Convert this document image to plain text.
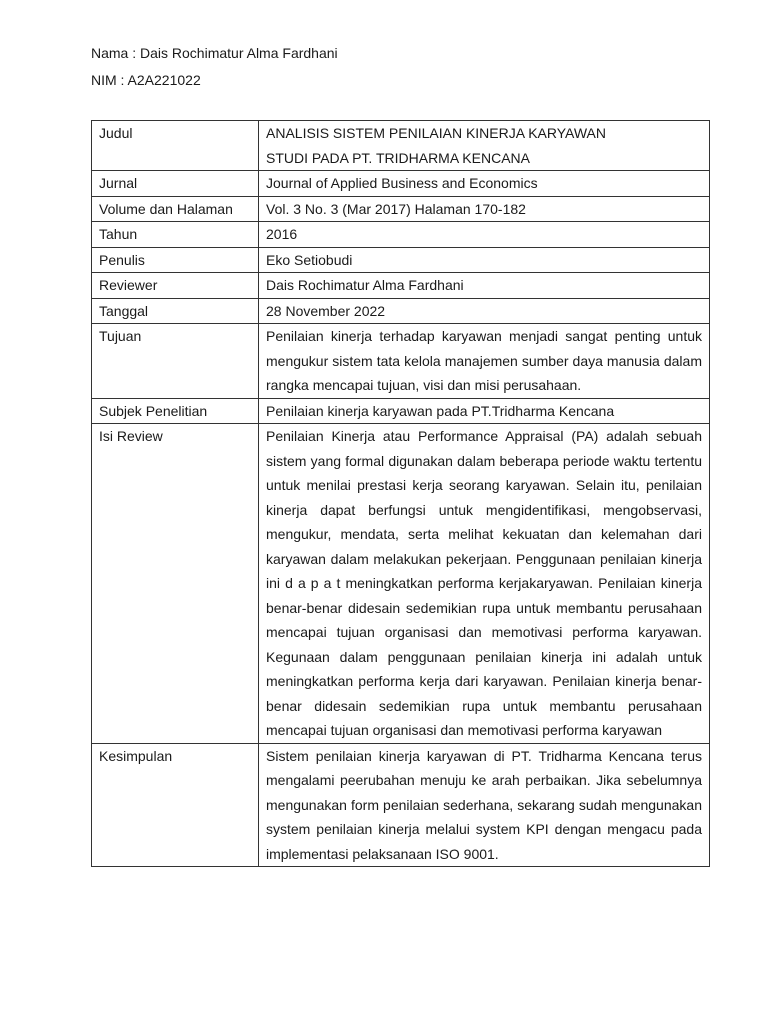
Nama : Dais Rochimatur Alma Fardhani
NIM : A2A221022
Judul	ANALISIS SISTEM PENILAIAN KINERJA KARYAWAN
STUDI PADA PT. TRIDHARMA KENCANA

Jurnal	Journal of Applied Business and Economics
Volume dan Halaman	Vol. 3 No. 3 (Mar 2017) Halaman 170-182
Tahun	2016
Penulis	Eko Setiobudi
Reviewer	Dais Rochimatur Alma Fardhani
Tanggal	28 November 2022
Tujuan	Penilaian kinerja terhadap karyawan menjadi sangat penting untuk mengukur sistem tata kelola manajemen sumber daya manusia dalam rangka mencapai tujuan, visi dan misi perusahaan.
Subjek Penelitian	Penilaian kinerja karyawan pada PT.Tridharma Kencana
Isi Review	Penilaian Kinerja atau Performance Appraisal (PA) adalah sebuah sistem yang formal digunakan dalam beberapa periode waktu tertentu untuk menilai prestasi kerja seorang karyawan. Selain itu, penilaian kinerja dapat berfungsi untuk mengidentifikasi, mengobservasi, mengukur, mendata, serta melihat kekuatan dan kelemahan dari karyawan dalam melakukan pekerjaan. Penggunaan penilaian kinerja ini d a p a t meningkatkan performa kerjakaryawan. Penilaian kinerja benar-benar didesain sedemikian rupa untuk membantu perusahaan mencapai tujuan organisasi dan memotivasi performa karyawan. Kegunaan dalam penggunaan penilaian kinerja ini adalah untuk meningkatkan performa kerja dari karyawan. Penilaian kinerja benar-benar didesain sedemikian rupa untuk membantu perusahaan mencapai tujuan organisasi dan memotivasi performa karyawan
Kesimpulan	Sistem penilaian kinerja karyawan di PT. Tridharma Kencana terus mengalami peerubahan menuju ke arah perbaikan. Jika sebelumnya mengunakan form penilaian sederhana, sekarang sudah mengunakan system penilaian kinerja melalui system KPI dengan mengacu pada implementasi pelaksanaan ISO 9001.
